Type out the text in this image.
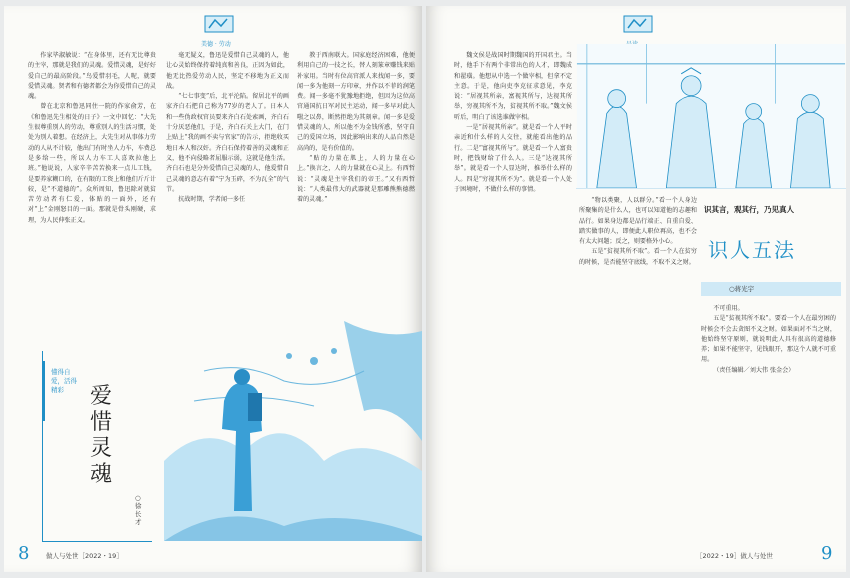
美德 · 劳动

作家毕淑敏说：“在身体里，还有无比尊贵的主宰，那就是我们的灵魂。爱惜灵魂，是好好爱自己的最高阶段。”鸟爱惜羽毛，人呢，就要爱惜灵魂。贤者和有德者都会为你爱惜自己的灵魂。

曾在北京和鲁迅同住一院的作家俞芳，在《和鲁迅先生相处的日子》一文中回忆：“大先生很尊重别人的劳动，尊重别人的生活习惯，处处为别人着想。在经济上，大先生对从事体力劳动的人从不计较，他出门有时坐人力车，车费总是多给一些，所以人力车工人喜欢拉他上班。”他说说，人家辛辛苦苦换来一点儿工钱，是要养家糊口的，在有限的工资上和他们斤斤计较，是“不道德的”。众所周知，鲁迅除对就贫苦劳动者有仁爱，体贴的一面外，还有对“上”金刚怒目的一面。那就是骨头刚硬，求理，为人民伸张正义。

毫无疑义，鲁迅是爱惜自己灵魂的人，他让心灵始终保持着纯真和善良，正因为如此，他无比热爱劳动人民，坚定不移地为正义而战。

“七七事变”后，北平沦陷。留居北平的画家齐白石把自己称为77岁的老人了。日本人和一些伪政权官员要来齐白石处索画，齐白石十分厌恶他们，于是，齐白石关上大门，在门上贴上“我的画不卖与官家”的告示，拒绝收买地日本人和汉奸。齐白石保持着善的灵魂和正义，他不向侵略者屈服示弱，这就是他生活。齐白石也是分外爱惜自己灵魂的人，他爱惜自己灵魂的意志有着“宁为玉碎，不为瓦全”的气节。

抗战时期，学者闻一多任

教于西南联大。国家庭经济困难，他便利用自己的一技之长，替人刻篆章赚钱来贴补家用。当时有位高官派人来找闻一多，要闻一多为他刻一方印章，并作以不菲的润笔费。闻一多毫不犹豫地拒绝，但因为这位高官通国抗日军对民主运动，闻一多早对此人嗤之以鼻，断然拒绝为其刻章。闻一多是爱惜灵魂的人，所以他不为金钱所惑，坚守自己的爱国立场，因此影响出来的人品自然是高尚的，是有价值的。

“贴的力量在肌上，人的力量在心上。”换言之，人的力量就在心灵上。有西哲说：“灵魂是主宰我们的帝王。”又有西哲说：“人类最伟大的武器就是那雕熊熊德燃着的灵魂。”

懂得自爱，活得精彩	爱惜灵魂
○徐长才
8	做人与处世［2022・19］

魏文侯是战国时期魏国的开国君主。当时，他手下有两个非常出色的人才，即魏成和翟璜。他想从中选一个做宰相，但拿不定主意。于是，他向吏李克征求意见，李克说：“居视其所亲，富视其所与，达视其所举，穷视其所不为，贫视其所不取。”魏文侯听后，明白了该选谁做宰相。

一是“居视其所亲”。就是看一个人平时亲近和什么样的人交往，就能看出他的品行。二是“富视其所与”。就是看一个人富贵时，把钱财给了什么人。三是“达视其所举”。就是看一个人显达时，推举什么样的人。四是“穷视其所不为”。就是看一个人处于困境时，不做什么样的事情。

“物以类聚，人以群分。”看一个人身边所聚集的是什么人，也可以知道他的志趣和品行。如果身边都是品行端正、自重自爱、踏实做事的人，即便此人职位再高，也不会有太大问题；反之，则要格外小心。

五是“贫视其所不取”。看一个人在贫穷的时候，是否能坚守底线，不取不义之财。

识其言，观其行，乃见真人
识人五法
○蒋光宇

不可重用。

五是“贫视其所不取”。要看一个人在最穷困的时候会不会去贪图不义之财。如果面对不当之财，他始终坚守原则，就说明此人具有很高的道德修养；如果不能坚守，见钱眼开，那这个人就不可重用。

（责任编辑／刘大伟 张金会）

［2022・19］做人与处世	9
